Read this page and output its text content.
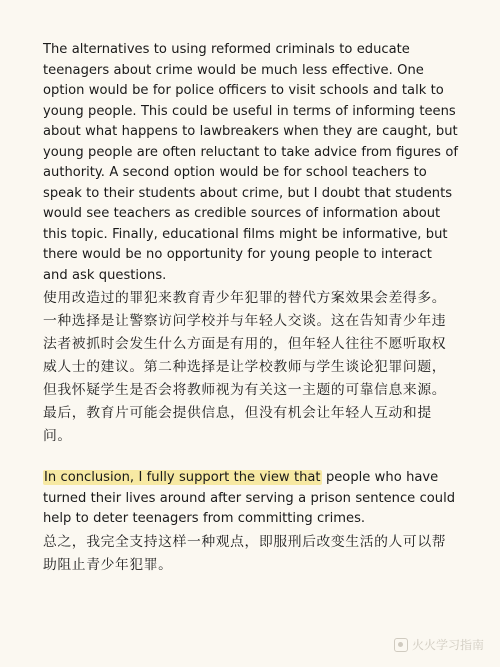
The alternatives to using reformed criminals to educate teenagers about crime would be much less effective. One option would be for police officers to visit schools and talk to young people. This could be useful in terms of informing teens about what happens to lawbreakers when they are caught, but young people are often reluctant to take advice from figures of authority. A second option would be for school teachers to speak to their students about crime, but I doubt that students would see teachers as credible sources of information about this topic. Finally, educational films might be informative, but there would be no opportunity for young people to interact and ask questions.

使用改造过的罪犯来教育青少年犯罪的替代方案效果会差得多。一种选择是让警察访问学校并与年轻人交谈。这在告知青少年违法者被抓时会发生什么方面是有用的，但年轻人往往不愿听取权威人士的建议。第二种选择是让学校教师与学生谈论犯罪问题，但我怀疑学生是否会将教师视为有关这一主题的可靠信息来源。最后，教育片可能会提供信息，但没有机会让年轻人互动和提问。

In conclusion, I fully support the view that people who have turned their lives around after serving a prison sentence could help to deter teenagers from committing crimes.

总之，我完全支持这样一种观点，即服刑后改变生活的人可以帮助阻止青少年犯罪。

火火学习指南
